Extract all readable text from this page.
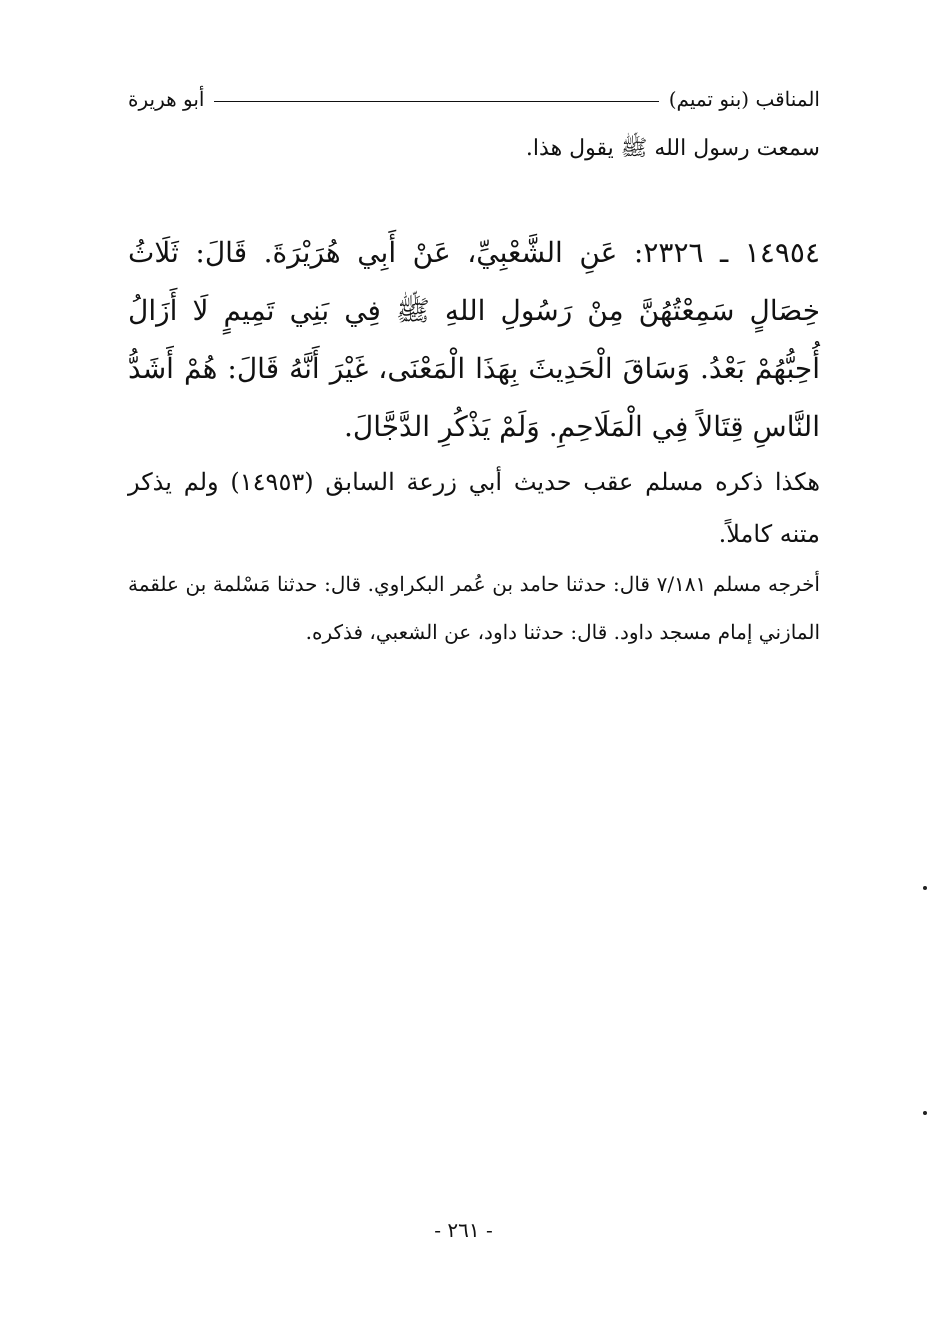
المناقب (بنو تميم)
أبو هريرة
سمعت رسول الله ﷺ يقول هذا.
١٤٩٥٤ ـ ٢٣٢٦: عَنِ الشَّعْبِيِّ، عَنْ أَبِي هُرَيْرَةَ. قَالَ: ثَلَاثُ خِصَالٍ سَمِعْتُهُنَّ مِنْ رَسُولِ اللهِ ﷺ فِي بَنِي تَمِيمٍ لَا أَزَالُ أُحِبُّهُمْ بَعْدُ. وَسَاقَ الْحَدِيثَ بِهَذَا الْمَعْنَى، غَيْرَ أَنَّهُ قَالَ: هُمْ أَشَدُّ النَّاسِ قِتَالاً فِي الْمَلَاحِمِ. وَلَمْ يَذْكُرِ الدَّجَّالَ.
هكذا ذكره مسلم عقب حديث أبي زرعة السابق (١٤٩٥٣) ولم يذكر متنه كاملاً.
أخرجه مسلم ٧/١٨١ قال: حدثنا حامد بن عُمر البكراوي. قال: حدثنا مَسْلمة بن علقمة المازني إمام مسجد داود. قال: حدثنا داود، عن الشعبي، فذكره.
- ٢٦١ -
